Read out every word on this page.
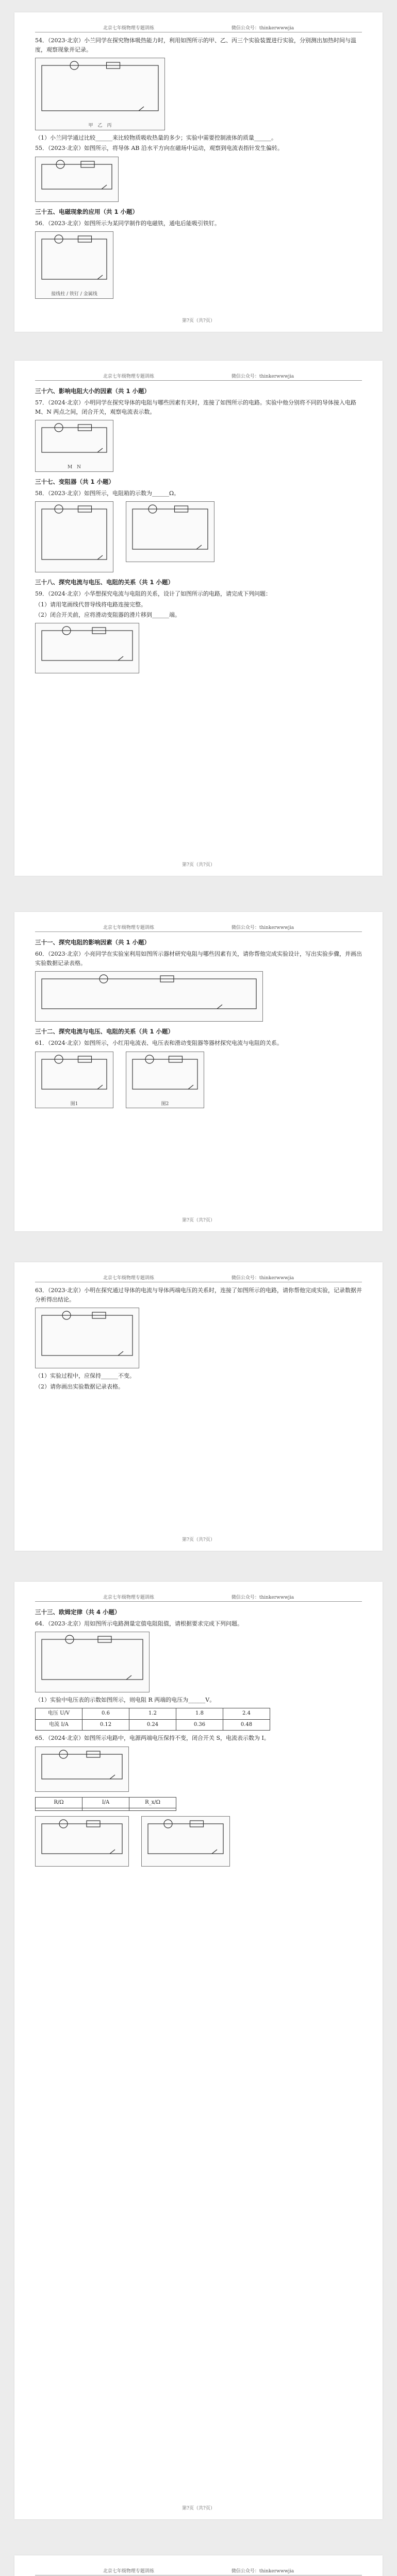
北京七年级物理专题训练	微信公众号：thinkerwwwjia
54．（2023·北京）小兰同学在探究物体吸热能力时，利用如图所示的甲、乙、丙三个实验装置进行实验，分别测出加热时间与温度，观察现象并记录。
甲　乙　丙
（1）小兰同学通过比较______来比较物质吸收热量的多少；实验中需要控制液体的质量______。
55．（2023·北京）如图所示，将导体 AB 沿水平方向在磁场中运动，观察到电流表指针发生偏转。
三十五、电磁现象的应用（共 1 小题）
56．（2023·北京）如图所示为某同学制作的电磁铁，通电后能吸引铁钉。
接线柱 / 铁钉 / 金属线
第?页（共?页）
北京七年级物理专题训练	微信公众号：thinkerwwwjia
三十六、影响电阻大小的因素（共 1 小题）
57．（2024·北京）小明同学在探究导体的电阻与哪些因素有关时，连接了如图所示的电路。实验中他分别将不同的导体接入电路 M、N 两点之间，闭合开关，观察电流表示数。
M　N
三十七、变阻器（共 1 小题）
58．（2023·北京）如图所示，电阻箱的示数为______Ω。
三十八、探究电流与电压、电阻的关系（共 1 小题）
59．（2024·北京）小华想探究电流与电阻的关系，设计了如图所示的电路，请完成下列问题：
（1）请用笔画线代替导线将电路连接完整。
（2）闭合开关前，应将滑动变阻器的滑片移到______端。
第?页（共?页）
北京七年级物理专题训练	微信公众号：thinkerwwwjia
三十一、探究电阻的影响因素（共 1 小题）
60．（2023·北京）小亮同学在实验室利用如图所示器材研究电阻与哪些因素有关，请你帮他完成实验设计，写出实验步骤，并画出实验数据记录表格。
三十二、探究电流与电压、电阻的关系（共 1 小题）
61．（2024·北京）如图所示，小红用电流表、电压表和滑动变阻器等器材探究电流与电阻的关系。
图1	图2
第?页（共?页）
北京七年级物理专题训练	微信公众号：thinkerwwwjia
63．（2023·北京）小明在探究通过导体的电流与导体两端电压的关系时，连接了如图所示的电路，请你帮他完成实验，记录数据并分析得出结论。
（1）实验过程中，应保持______不变。
（2）请你画出实验数据记录表格。
第?页（共?页）
北京七年级物理专题训练	微信公众号：thinkerwwwjia
三十三、欧姆定律（共 4 小题）
64．（2023·北京）用如图所示电路测量定值电阻阻值，请根据要求完成下列问题。
（1）实验中电压表的示数如图所示，则电阻 R 两端的电压为______V。
电压 U/V	0.6	1.2	1.8	2.4
电流 I/A	0.12	0.24	0.36	0.48
65．（2024·北京）如图所示电路中，电源两端电压保持不变，闭合开关 S，电流表示数为 I。
R/Ω	I/A	R_x/Ω

第?页（共?页）
北京七年级物理专题训练	微信公众号：thinkerwwwjia
